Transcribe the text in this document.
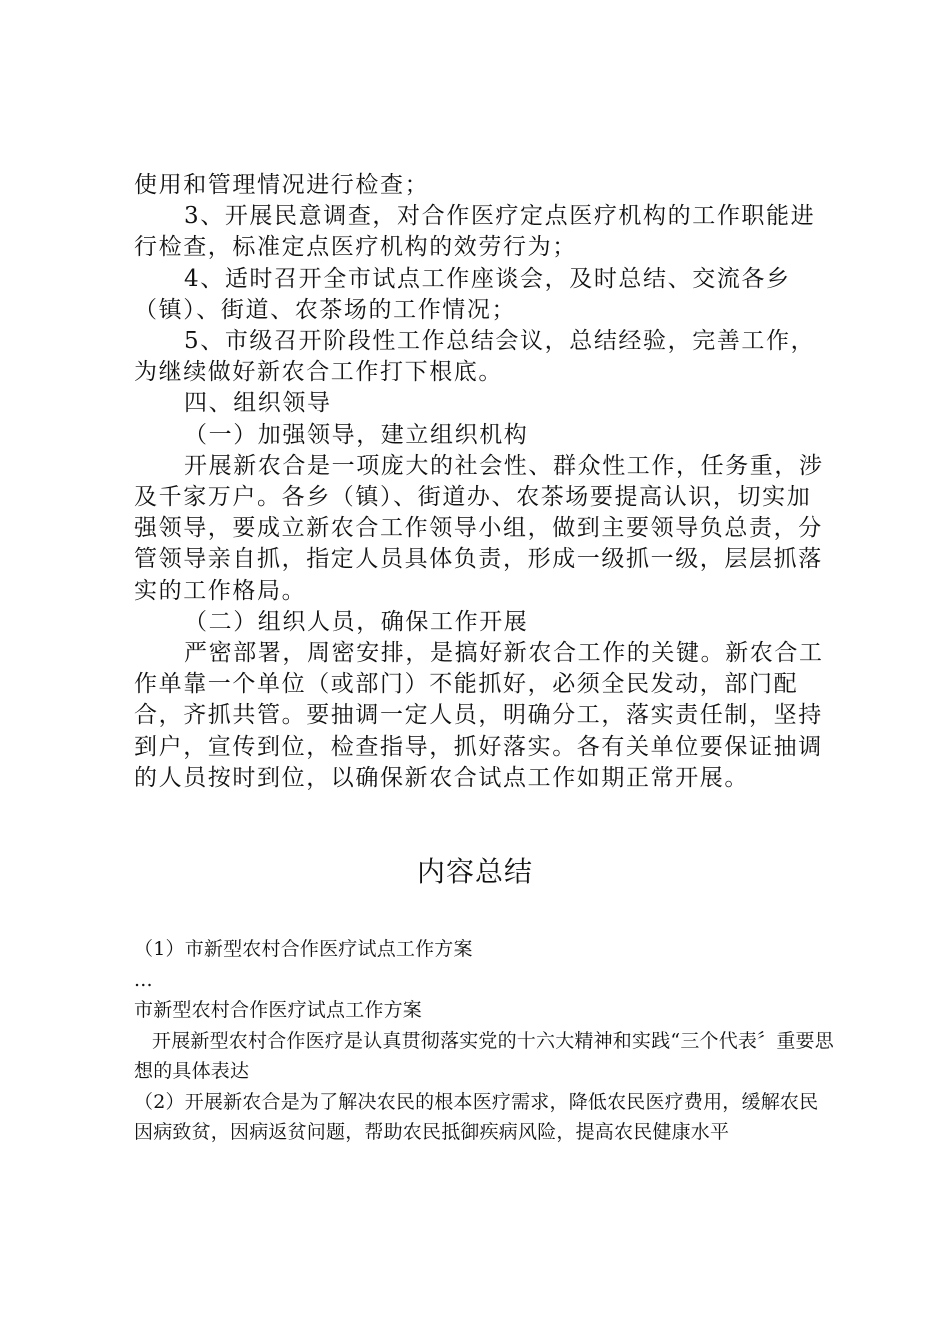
使用和管理情况进行检查；

3、开展民意调查，对合作医疗定点医疗机构的工作职能进行检查，标准定点医疗机构的效劳行为；

4、适时召开全市试点工作座谈会，及时总结、交流各乡（镇）、街道、农茶场的工作情况；

5、市级召开阶段性工作总结会议，总结经验，完善工作，为继续做好新农合工作打下根底。

四、组织领导

（一）加强领导，建立组织机构

开展新农合是一项庞大的社会性、群众性工作，任务重，涉及千家万户。各乡（镇）、街道办、农茶场要提高认识，切实加强领导，要成立新农合工作领导小组，做到主要领导负总责，分管领导亲自抓，指定人员具体负责，形成一级抓一级，层层抓落实的工作格局。

（二）组织人员，确保工作开展

严密部署，周密安排，是搞好新农合工作的关键。新农合工作单靠一个单位（或部门）不能抓好，必须全民发动，部门配合，齐抓共管。要抽调一定人员，明确分工，落实责任制，坚持到户，宣传到位，检查指导，抓好落实。各有关单位要保证抽调的人员按时到位，以确保新农合试点工作如期正常开展。

内容总结

（1）市新型农村合作医疗试点工作方案

...

市新型农村合作医疗试点工作方案

开展新型农村合作医疗是认真贯彻落实党的十六大精神和实践“三个代表〞重要思想的具体表达

（2）开展新农合是为了解决农民的根本医疗需求，降低农民医疗费用，缓解农民因病致贫，因病返贫问题，帮助农民抵御疾病风险，提高农民健康水平
